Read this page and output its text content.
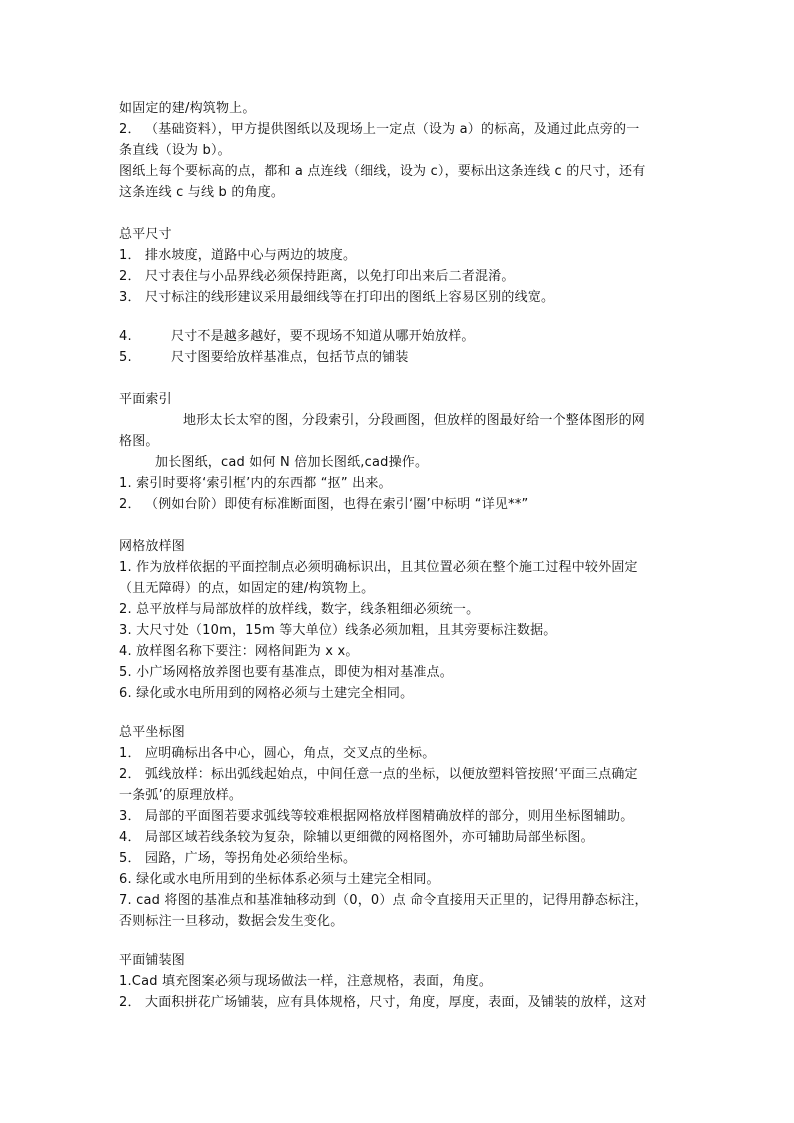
如固定的建/构筑物上。
2． （基础资料），甲方提供图纸以及现场上一定点（设为 a）的标高，及通过此点旁的一
条直线（设为 b）。
图纸上每个要标高的点，都和 a 点连线（细线，设为 c），要标出这条连线 c 的尺寸，还有
这条连线 c 与线 b 的角度。
总平尺寸
1． 排水坡度，道路中心与两边的坡度。
2． 尺寸表住与小品界线必须保持距离，以免打印出来后二者混淆。
3． 尺寸标注的线形建议采用最细线等在打印出的图纸上容易区别的线宽。
4.	尺寸不是越多越好，要不现场不知道从哪开始放样。
5.	尺寸图要给放样基准点，包括节点的铺装
平面索引
地形太长太窄的图，分段索引，分段画图，但放样的图最好给一个整体图形的网
格图。
加长图纸，cad 如何 N 倍加长图纸,cad操作。
1. 索引时要将‘索引框’内的东西都 “抠” 出来。
2． （例如台阶）即使有标准断面图，也得在索引‘圈’中标明 “详见**”
网格放样图
1. 作为放样依据的平面控制点必须明确标识出，且其位置必须在整个施工过程中较外固定
（且无障碍）的点，如固定的建/构筑物上。
2. 总平放样与局部放样的放样线，数字，线条粗细必须统一。
3. 大尺寸处（10m，15m 等大单位）线条必须加粗，且其旁要标注数据。
4. 放样图名称下要注：网格间距为 x x。
5. 小广场网格放养图也要有基准点，即使为相对基准点。
6. 绿化或水电所用到的网格必须与土建完全相同。
总平坐标图
1． 应明确标出各中心，圆心，角点，交叉点的坐标。
2． 弧线放样：标出弧线起始点，中间任意一点的坐标，以便放塑料管按照‘平面三点确定
一条弧’的原理放样。
3． 局部的平面图若要求弧线等较难根据网格放样图精确放样的部分，则用坐标图辅助。
4． 局部区域若线条较为复杂，除辅以更细微的网格图外，亦可辅助局部坐标图。
5． 园路，广场，等拐角处必须给坐标。
6. 绿化或水电所用到的坐标体系必须与土建完全相同。
7. cad 将图的基准点和基准轴移动到（0，0）点 命令直接用天正里的，记得用静态标注，
否则标注一旦移动，数据会发生变化。
平面铺装图
1.Cad 填充图案必须与现场做法一样，注意规格，表面，角度。
2． 大面积拼花广场铺装，应有具体规格，尺寸，角度，厚度，表面，及铺装的放样，这对
